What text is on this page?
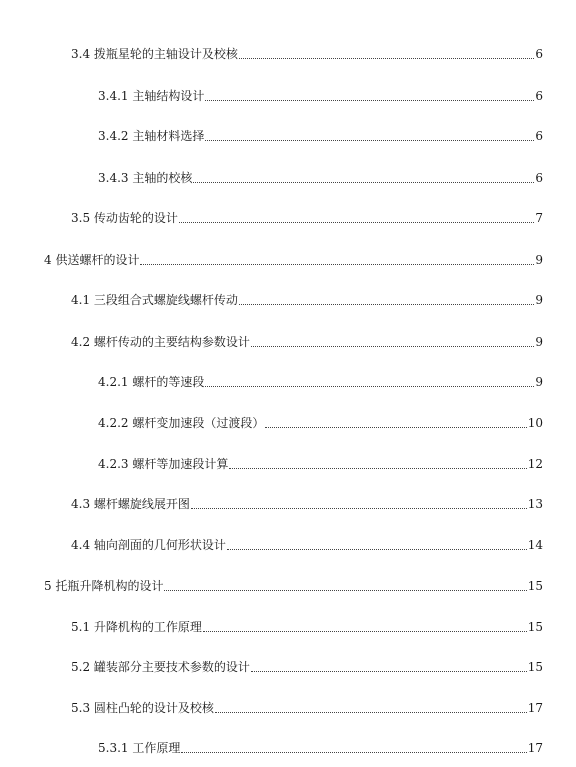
3.4 拨瓶星轮的主轴设计及校核	6
3.4.1 主轴结构设计	6
3.4.2 主轴材料选择	6
3.4.3 主轴的校核	6
3.5 传动齿轮的设计	7
4 供送螺杆的设计	9
4.1 三段组合式螺旋线螺杆传动	9
4.2 螺杆传动的主要结构参数设计	9
4.2.1 螺杆的等速段	9
4.2.2 螺杆变加速段（过渡段）	10
4.2.3 螺杆等加速段计算	12
4.3 螺杆螺旋线展开图	13
4.4 轴向剖面的几何形状设计	14
5 托瓶升降机构的设计	15
5.1 升降机构的工作原理	15
5.2 罐装部分主要技术参数的设计	15
5.3 圆柱凸轮的设计及校核	17
5.3.1 工作原理	17
